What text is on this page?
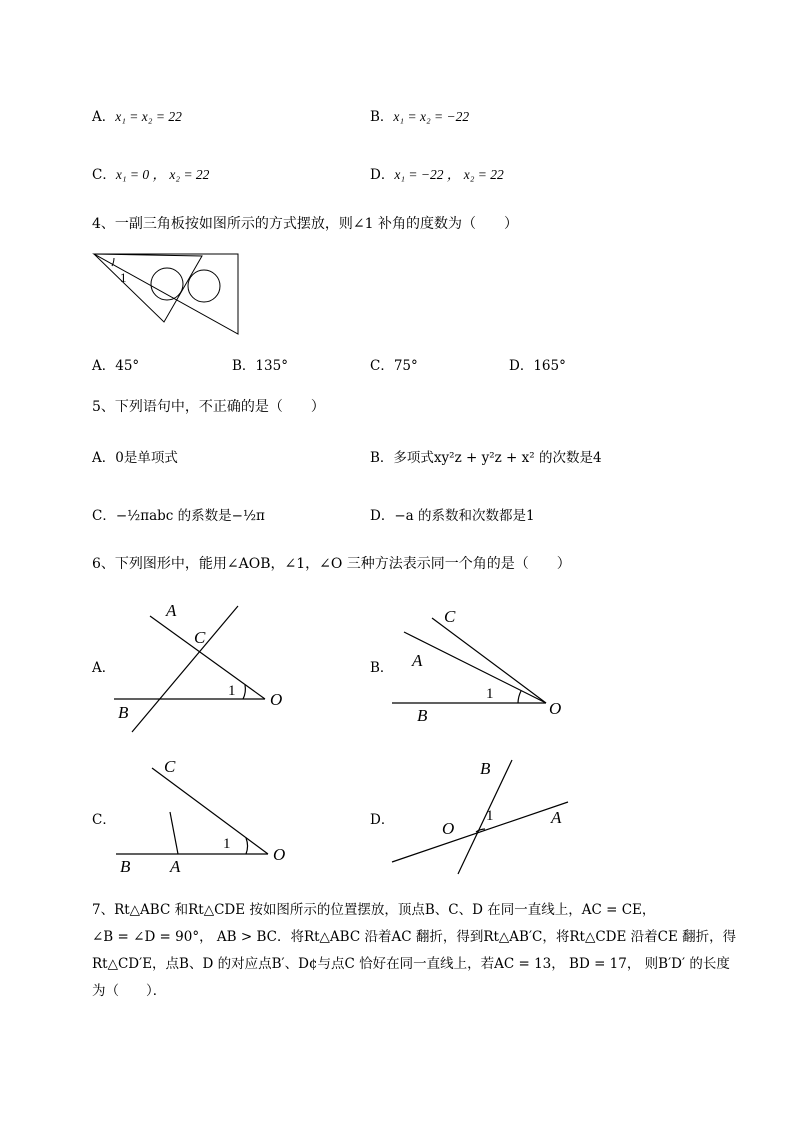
A．x₁ = x₂ = 22	B．x₁ = x₂ = −22
C．x₁ = 0 ， x₂ = 22	D．x₁ = −22 ， x₂ = 22
4、一副三角板按如图所示的方式摆放，则∠1 补角的度数为（　　）
1
A．45°	B．135°	C．75°	D．165°
5、下列语句中，不正确的是（　　）
A．0是单项式	B．多项式xy²z + y²z + x² 的次数是4
C．−½πabc 的系数是−½π	D．−a 的系数和次数都是1
6、下列图形中，能用∠AOB，∠1，∠O 三种方法表示同一个角的是（　　）
A．
A
C
B
O
1
B．
C
A
B	O
1
C．
C
B A
O
1
D．
B
O
A
1
7、Rt△ABC 和Rt△CDE 按如图所示的位置摆放，顶点B、C、D 在同一直线上，AC = CE，
∠B = ∠D = 90°， AB > BC．将Rt△ABC 沿着AC 翻折，得到Rt△AB′C，将Rt△CDE 沿着CE 翻折，得
Rt△CD′E，点B、D 的对应点B′、D¢与点C 恰好在同一直线上，若AC = 13， BD = 17， 则B′D′ 的长度
为（　　）．
